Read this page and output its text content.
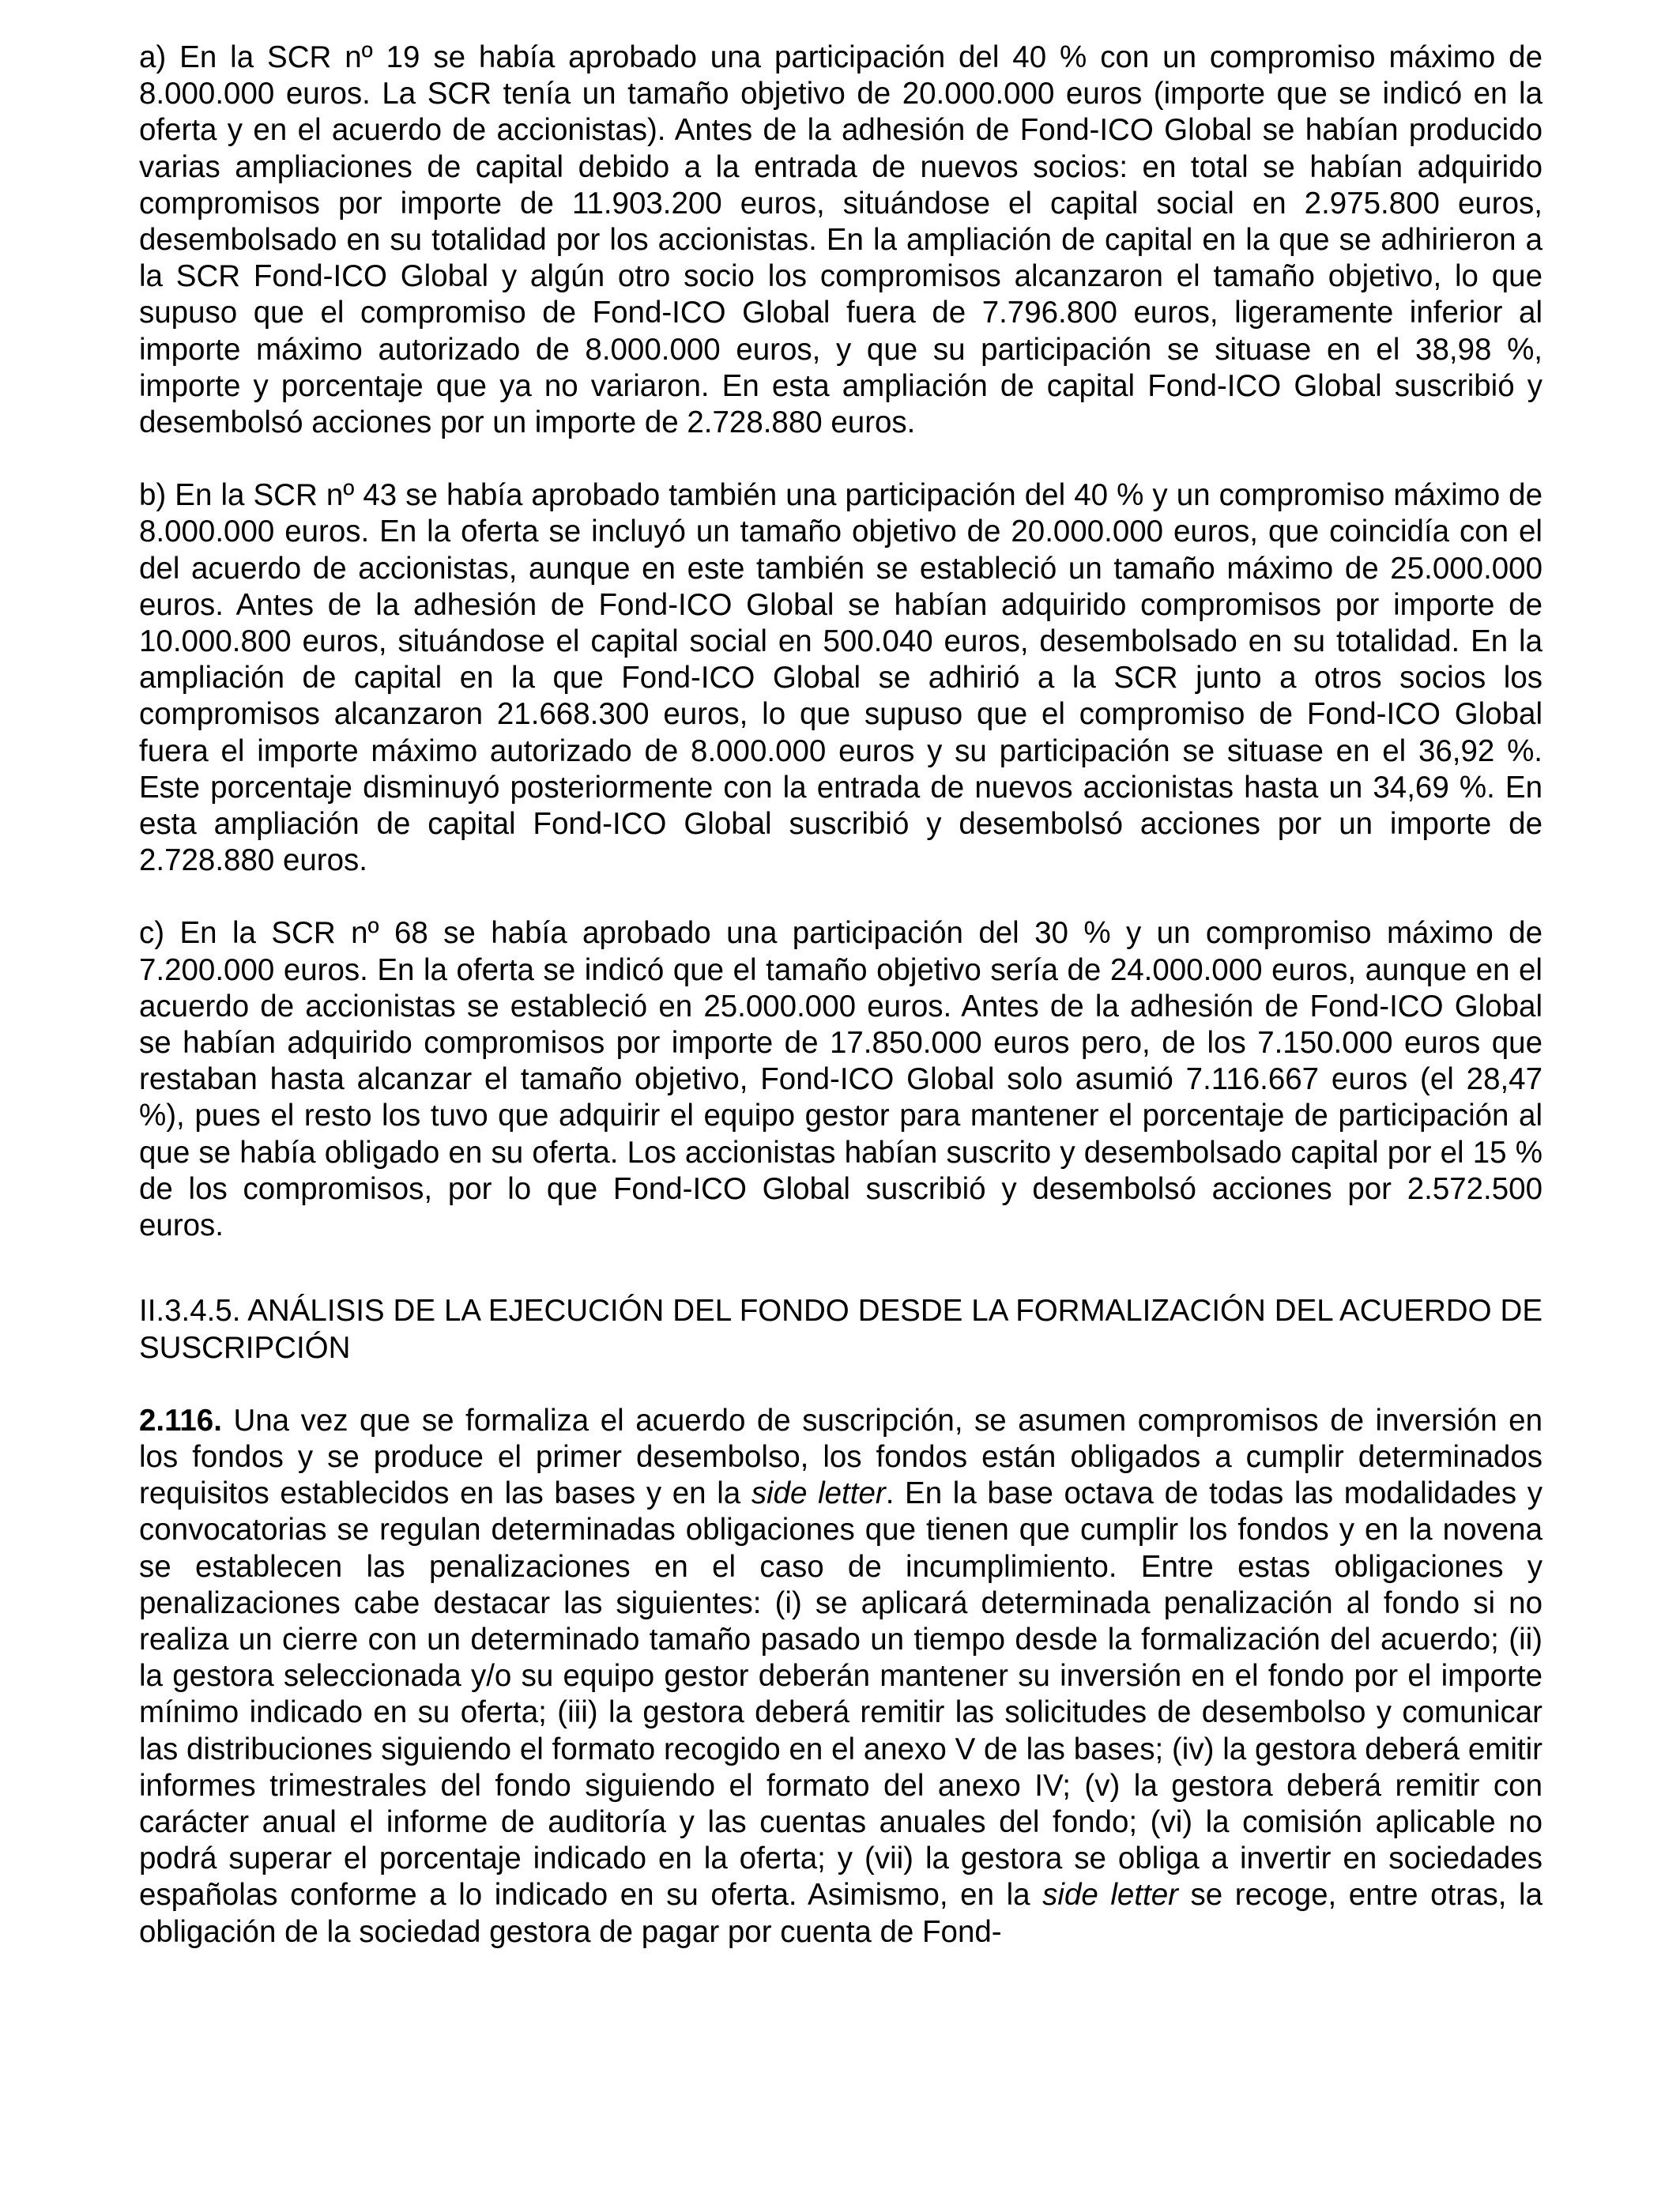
a) En la SCR nº 19 se había aprobado una participación del 40 % con un compromiso máximo de 8.000.000 euros. La SCR tenía un tamaño objetivo de 20.000.000 euros (importe que se indicó en la oferta y en el acuerdo de accionistas). Antes de la adhesión de Fond-ICO Global se habían producido varias ampliaciones de capital debido a la entrada de nuevos socios: en total se habían adquirido compromisos por importe de 11.903.200 euros, situándose el capital social en 2.975.800 euros, desembolsado en su totalidad por los accionistas. En la ampliación de capital en la que se adhirieron a la SCR Fond-ICO Global y algún otro socio los compromisos alcanzaron el tamaño objetivo, lo que supuso que el compromiso de Fond-ICO Global fuera de 7.796.800 euros, ligeramente inferior al importe máximo autorizado de 8.000.000 euros, y que su participación se situase en el 38,98 %, importe y porcentaje que ya no variaron. En esta ampliación de capital Fond-ICO Global suscribió y desembolsó acciones por un importe de 2.728.880 euros.

b) En la SCR nº 43 se había aprobado también una participación del 40 % y un compromiso máximo de 8.000.000 euros. En la oferta se incluyó un tamaño objetivo de 20.000.000 euros, que coincidía con el del acuerdo de accionistas, aunque en este también se estableció un tamaño máximo de 25.000.000 euros. Antes de la adhesión de Fond-ICO Global se habían adquirido compromisos por importe de 10.000.800 euros, situándose el capital social en 500.040 euros, desembolsado en su totalidad. En la ampliación de capital en la que Fond-ICO Global se adhirió a la SCR junto a otros socios los compromisos alcanzaron 21.668.300 euros, lo que supuso que el compromiso de Fond-ICO Global fuera el importe máximo autorizado de 8.000.000 euros y su participación se situase en el 36,92 %. Este porcentaje disminuyó posteriormente con la entrada de nuevos accionistas hasta un 34,69 %. En esta ampliación de capital Fond-ICO Global suscribió y desembolsó acciones por un importe de 2.728.880 euros.

c) En la SCR nº 68 se había aprobado una participación del 30 % y un compromiso máximo de 7.200.000 euros. En la oferta se indicó que el tamaño objetivo sería de 24.000.000 euros, aunque en el acuerdo de accionistas se estableció en 25.000.000 euros. Antes de la adhesión de Fond-ICO Global se habían adquirido compromisos por importe de 17.850.000 euros pero, de los 7.150.000 euros que restaban hasta alcanzar el tamaño objetivo, Fond-ICO Global solo asumió 7.116.667 euros (el 28,47 %), pues el resto los tuvo que adquirir el equipo gestor para mantener el porcentaje de participación al que se había obligado en su oferta. Los accionistas habían suscrito y desembolsado capital por el 15 % de los compromisos, por lo que Fond-ICO Global suscribió y desembolsó acciones por 2.572.500 euros.

II.3.4.5. ANÁLISIS DE LA EJECUCIÓN DEL FONDO DESDE LA FORMALIZACIÓN DEL ACUERDO DE SUSCRIPCIÓN

2.116. Una vez que se formaliza el acuerdo de suscripción, se asumen compromisos de inversión en los fondos y se produce el primer desembolso, los fondos están obligados a cumplir determinados requisitos establecidos en las bases y en la side letter. En la base octava de todas las modalidades y convocatorias se regulan determinadas obligaciones que tienen que cumplir los fondos y en la novena se establecen las penalizaciones en el caso de incumplimiento. Entre estas obligaciones y penalizaciones cabe destacar las siguientes: (i) se aplicará determinada penalización al fondo si no realiza un cierre con un determinado tamaño pasado un tiempo desde la formalización del acuerdo; (ii) la gestora seleccionada y/o su equipo gestor deberán mantener su inversión en el fondo por el importe mínimo indicado en su oferta; (iii) la gestora deberá remitir las solicitudes de desembolso y comunicar las distribuciones siguiendo el formato recogido en el anexo V de las bases; (iv) la gestora deberá emitir informes trimestrales del fondo siguiendo el formato del anexo IV; (v) la gestora deberá remitir con carácter anual el informe de auditoría y las cuentas anuales del fondo; (vi) la comisión aplicable no podrá superar el porcentaje indicado en la oferta; y (vii) la gestora se obliga a invertir en sociedades españolas conforme a lo indicado en su oferta. Asimismo, en la side letter se recoge, entre otras, la obligación de la sociedad gestora de pagar por cuenta de Fond-
